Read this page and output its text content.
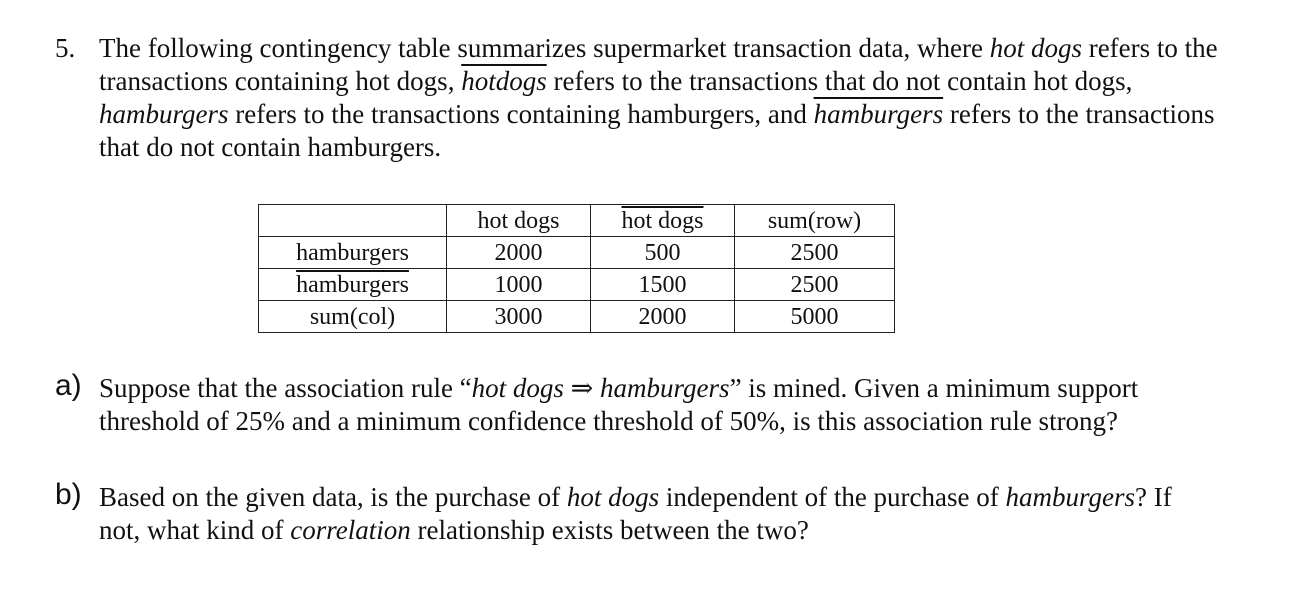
5. The following contingency table summarizes supermarket transaction data, where hot dogs refers to the transactions containing hot dogs, hotdogs refers to the transactions that do not contain hot dogs, hamburgers refers to the transactions containing hamburgers, and hamburgers refers to the transactions that do not contain hamburgers.
	hot dogs	hot dogs	sum(row)
hamburgers	2000	500	2500
hamburgers	1000	1500	2500
sum(col)	3000	2000	5000
a) Suppose that the association rule “hot dogs ⇒ hamburgers” is mined. Given a minimum support threshold of 25% and a minimum confidence threshold of 50%, is this association rule strong?
b) Based on the given data, is the purchase of hot dogs independent of the purchase of hamburgers? If not, what kind of correlation relationship exists between the two?
